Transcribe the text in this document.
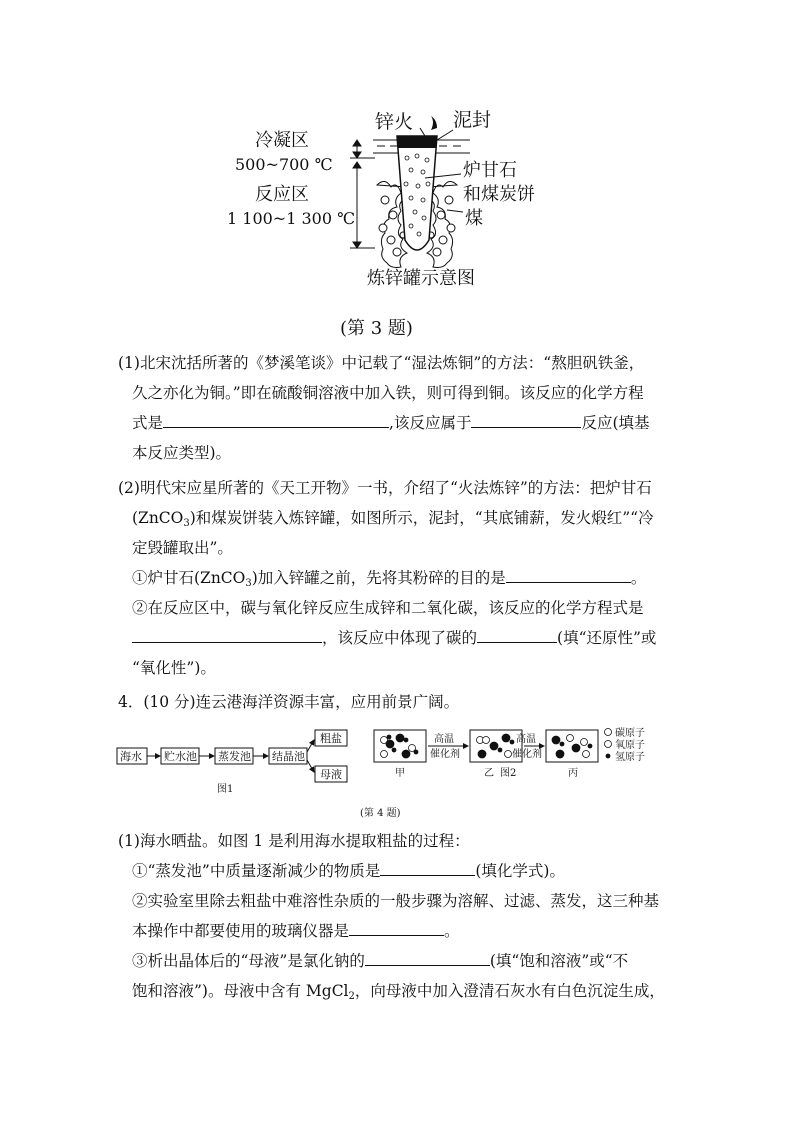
锌火 泥封
冷凝区
500~700 ℃
反应区
1 100~1 300 ℃
炉甘石
和煤炭饼
煤
炼锌罐示意图
(第 3 题)
(1)北宋沈括所著的《梦溪笔谈》中记载了“湿法炼铜”的方法：“熬胆矾铁釜，
久之亦化为铜。”即在硫酸铜溶液中加入铁，则可得到铜。该反应的化学方程
式是	,该反应属于	反应(填基
本反应类型)。
(2)明代宋应星所著的《天工开物》一书，介绍了“火法炼锌”的方法：把炉甘石
(ZnCO$_3$)和煤炭饼装入炼锌罐，如图所示，泥封，“其底铺薪，发火煅红”“冷
定毁罐取出”。
①炉甘石(ZnCO$_3$)加入锌罐之前，先将其粉碎的目的是	。
②在反应区中，碳与氧化锌反应生成锌和二氧化碳，该反应的化学方程式是
，该反应中体现了碳的	(填“还原性”或
“氧化性”)。
4．(10 分)连云港海洋资源丰富，应用前景广阔。
海水 贮水池 蒸发池 结晶池
粗盐
母液
图1
高温
催化剂
高温
催化剂
甲	乙	丙
图2
碳原子
氧原子
氢原子
(第 4 题)
(1)海水晒盐。如图 1 是利用海水提取粗盐的过程：
①“蒸发池”中质量逐渐减少的物质是	(填化学式)。
②实验室里除去粗盐中难溶性杂质的一般步骤为溶解、过滤、蒸发，这三种基
本操作中都要使用的玻璃仪器是	。
③析出晶体后的“母液”是氯化钠的	(填“饱和溶液”或“不
饱和溶液”)。母液中含有 MgCl$_2$，向母液中加入澄清石灰水有白色沉淀生成，
